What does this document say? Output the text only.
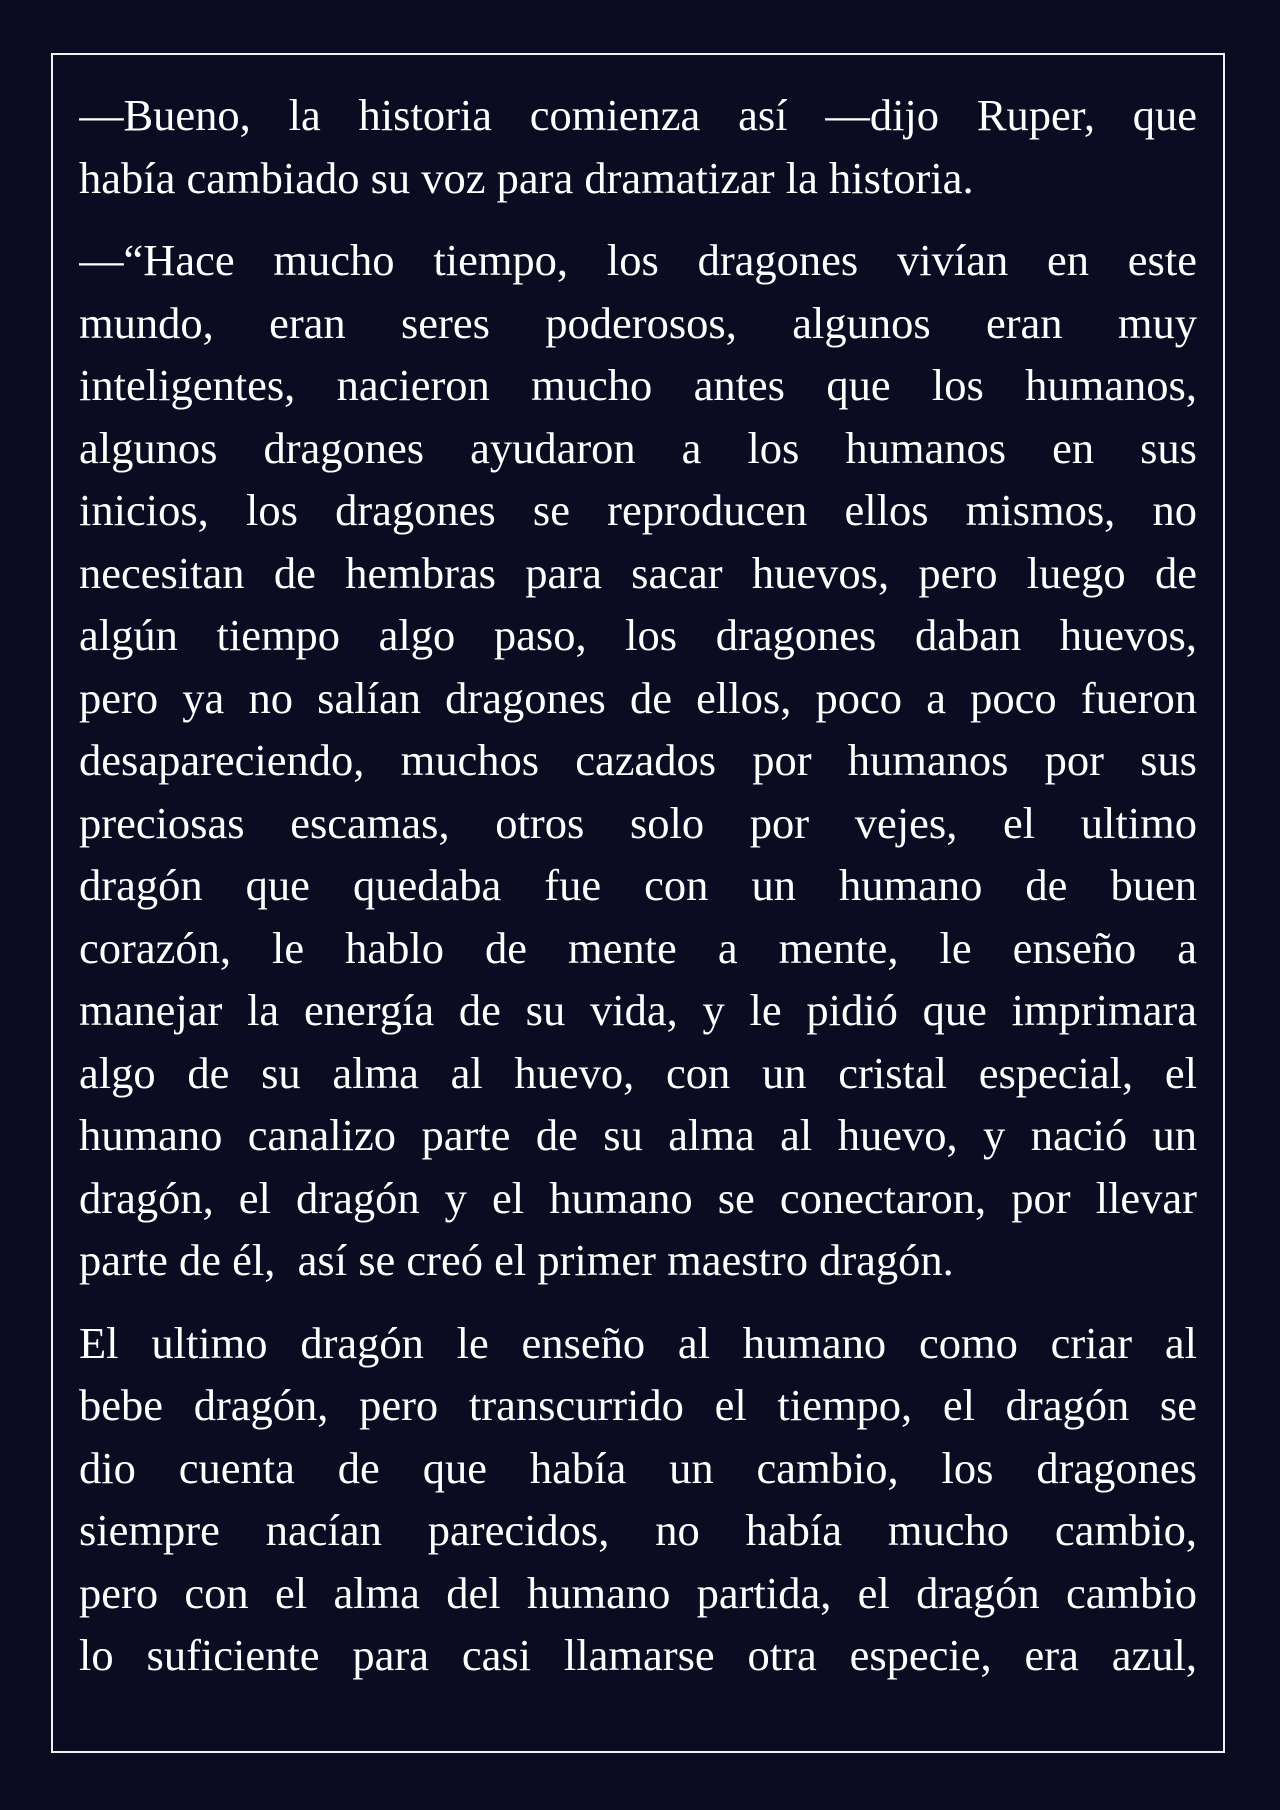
—Bueno, la historia comienza así —dijo Ruper, que
había cambiado su voz para dramatizar la historia.
—“Hace mucho tiempo, los dragones vivían en este
mundo, eran seres poderosos, algunos eran muy
inteligentes, nacieron mucho antes que los humanos,
algunos dragones ayudaron a los humanos en sus
inicios, los dragones se reproducen ellos mismos, no
necesitan de hembras para sacar huevos, pero luego de
algún tiempo algo paso, los dragones daban huevos,
pero ya no salían dragones de ellos, poco a poco fueron
desapareciendo, muchos cazados por humanos por sus
preciosas escamas, otros solo por vejes, el ultimo
dragón que quedaba fue con un humano de buen
corazón, le hablo de mente a mente, le enseño a
manejar la energía de su vida, y le pidió que imprimara
algo de su alma al huevo, con un cristal especial, el
humano canalizo parte de su alma al huevo, y nació un
dragón, el dragón y el humano se conectaron, por llevar
parte de él,  así se creó el primer maestro dragón.
El ultimo dragón le enseño al humano como criar al
bebe dragón, pero transcurrido el tiempo, el dragón se
dio cuenta de que había un cambio, los dragones
siempre nacían parecidos, no había mucho cambio,
pero con el alma del humano partida, el dragón cambio
lo suficiente para casi llamarse otra especie, era azul,
